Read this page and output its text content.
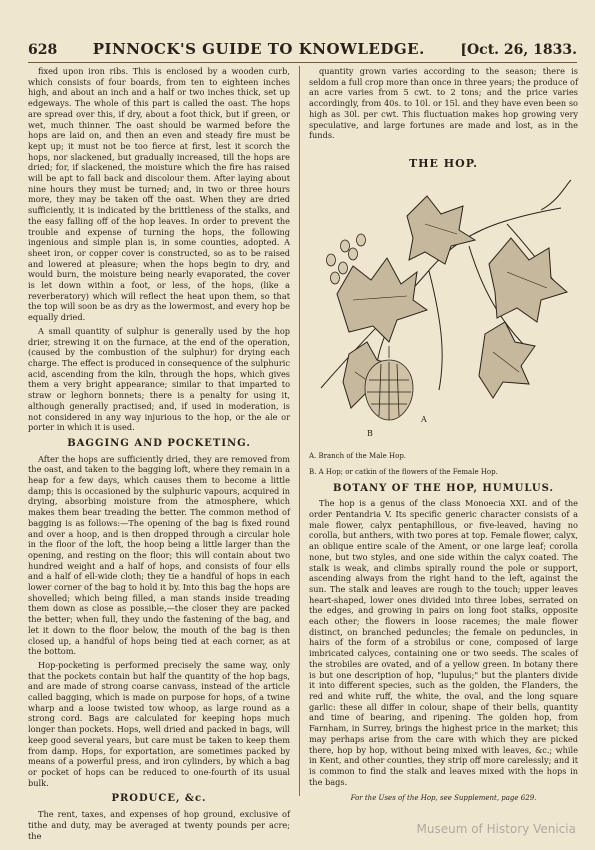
628 PINNOCK'S GUIDE TO KNOWLEDGE.	[Oct. 26, 1833.

fixed upon iron ribs. This is enclosed by a wooden curb, which consists of four boards, from ten to eighteen inches high, and about an inch and a half or two inches thick, set up edgeways. The whole of this part is called the oast. The hops are spread over this, if dry, about a foot thick, but if green, or wet, much thinner. The oast should be warmed before the hops are laid on, and then an even and steady fire must be kept up; it must not be too fierce at first, lest it scorch the hops, nor slackened, but gradually increased, till the hops are dried; for, if slackened, the moisture which the fire has raised will be apt to fall back and discolour them. After laying about nine hours they must be turned; and, in two or three hours more, they may be taken off the oast. When they are dried sufficiently, it is indicated by the brittleness of the stalks, and the easy falling off of the hop leaves. In order to prevent the trouble and expense of turning the hops, the following ingenious and simple plan is, in some counties, adopted. A sheet iron, or copper cover is constructed, so as to be raised and lowered at pleasure; when the hops begin to dry, and would burn, the moisture being nearly evaporated, the cover is let down within a foot, or less, of the hops, (like a reverberatory) which will reflect the heat upon them, so that the top will soon be as dry as the lowermost, and every hop be equally dried.

A small quantity of sulphur is generally used by the hop drier, strewing it on the furnace, at the end of the operation, (caused by the combustion of the sulphur) for drying each charge. The effect is produced in consequence of the sulphuric acid, ascending from the kiln, through the hops, which gives them a very bright appearance; similar to that imparted to straw or leghorn bonnets; there is a penalty for using it, although generally practised; and, if used in moderation, is not considered in any way injurious to the hop, or the ale or porter in which it is used.

BAGGING AND POCKETING.

After the hops are sufficiently dried, they are removed from the oast, and taken to the bagging loft, where they remain in a heap for a few days, which causes them to become a little damp; this is occasioned by the sulphuric vapours, acquired in drying, absorbing moisture from the atmosphere, which makes them bear treading the better. The common method of bagging is as follows:—The opening of the bag is fixed round and over a hoop, and is then dropped through a circular hole in the floor of the loft, the hoop being a little larger than the opening, and resting on the floor; this will contain about two hundred weight and a half of hops, and consists of four ells and a half of ell-wide cloth; they tie a handful of hops in each lower corner of the bag to hold it by. Into this bag the hops are shovelled; which being filled, a man stands inside treading them down as close as possible,—the closer they are packed the better; when full, they undo the fastening of the bag, and let it down to the floor below, the mouth of the bag is then closed up, a handful of hops being tied at each corner, as at the bottom.

Hop-pocketing is performed precisely the same way, only that the pockets contain but half the quantity of the hop bags, and are made of strong coarse canvass, instead of the article called bagging, which is made on purpose for hops, of a twine wharp and a loose twisted tow whoop, as large round as a strong cord. Bags are calculated for keeping hops much longer than pockets. Hops, well dried and packed in bags, will keep good several years, but care must be taken to keep them from damp. Hops, for exportation, are sometimes packed by means of a powerful press, and iron cylinders, by which a bag or pocket of hops can be reduced to one-fourth of its usual bulk.

PRODUCE, &c.

The rent, taxes, and expenses of hop ground, exclusive of tithe and duty, may be averaged at twenty pounds per acre; the

quantity grown varies according to the season; there is seldom a full crop more than once in three years; the produce of an acre varies from 5 cwt. to 2 tons; and the price varies accordingly, from 40s. to 10l. or 15l. and they have even been so high as 30l. per cwt. This fluctuation makes hop growing very speculative, and large fortunes are made and lost, as in the funds.

THE HOP.
A
B

A. Branch of the Male Hop.

B. A Hop; or catkin of the flowers of the Female Hop.

BOTANY OF THE HOP, HUMULUS.

The hop is a genus of the class Monoecia XXI. and of the order Pentandria V. Its specific generic character consists of a male flower, calyx pentaphillous, or five-leaved, having no corolla, but anthers, with two pores at top. Female flower, calyx, an oblique entire scale of the Ament, or one large leaf; corolla none, but two styles, and one side within the calyx coated. The stalk is weak, and climbs spirally round the pole or support, ascending always from the right hand to the left, against the sun. The stalk and leaves are rough to the touch; upper leaves heart-shaped, lower ones divided into three lobes, serrated on the edges, and growing in pairs on long foot stalks, opposite each other; the flowers in loose racemes; the male flower distinct, on branched peduncles; the female on peduncles, in hairs of the form of a strobilus or cone, composed of large imbricated calyces, containing one or two seeds. The scales of the strobiles are ovated, and of a yellow green. In botany there is but one description of hop, "lupulus;" but the planters divide it into different species, such as the golden, the Flanders, the red and white ruff, the white, the oval, and the long square garlic: these all differ in colour, shape of their bells, quantity and time of bearing, and ripening. The golden hop, from Farnham, in Surrey, brings the highest price in the market; this may perhaps arise from the care with which they are picked there, hop by hop, without being mixed with leaves, &c.; while in Kent, and other counties, they strip off more carelessly; and it is common to find the stalk and leaves mixed with the hops in the bags.

For the Uses of the Hop, see Supplement, page 629.

Museum of History Venicia
